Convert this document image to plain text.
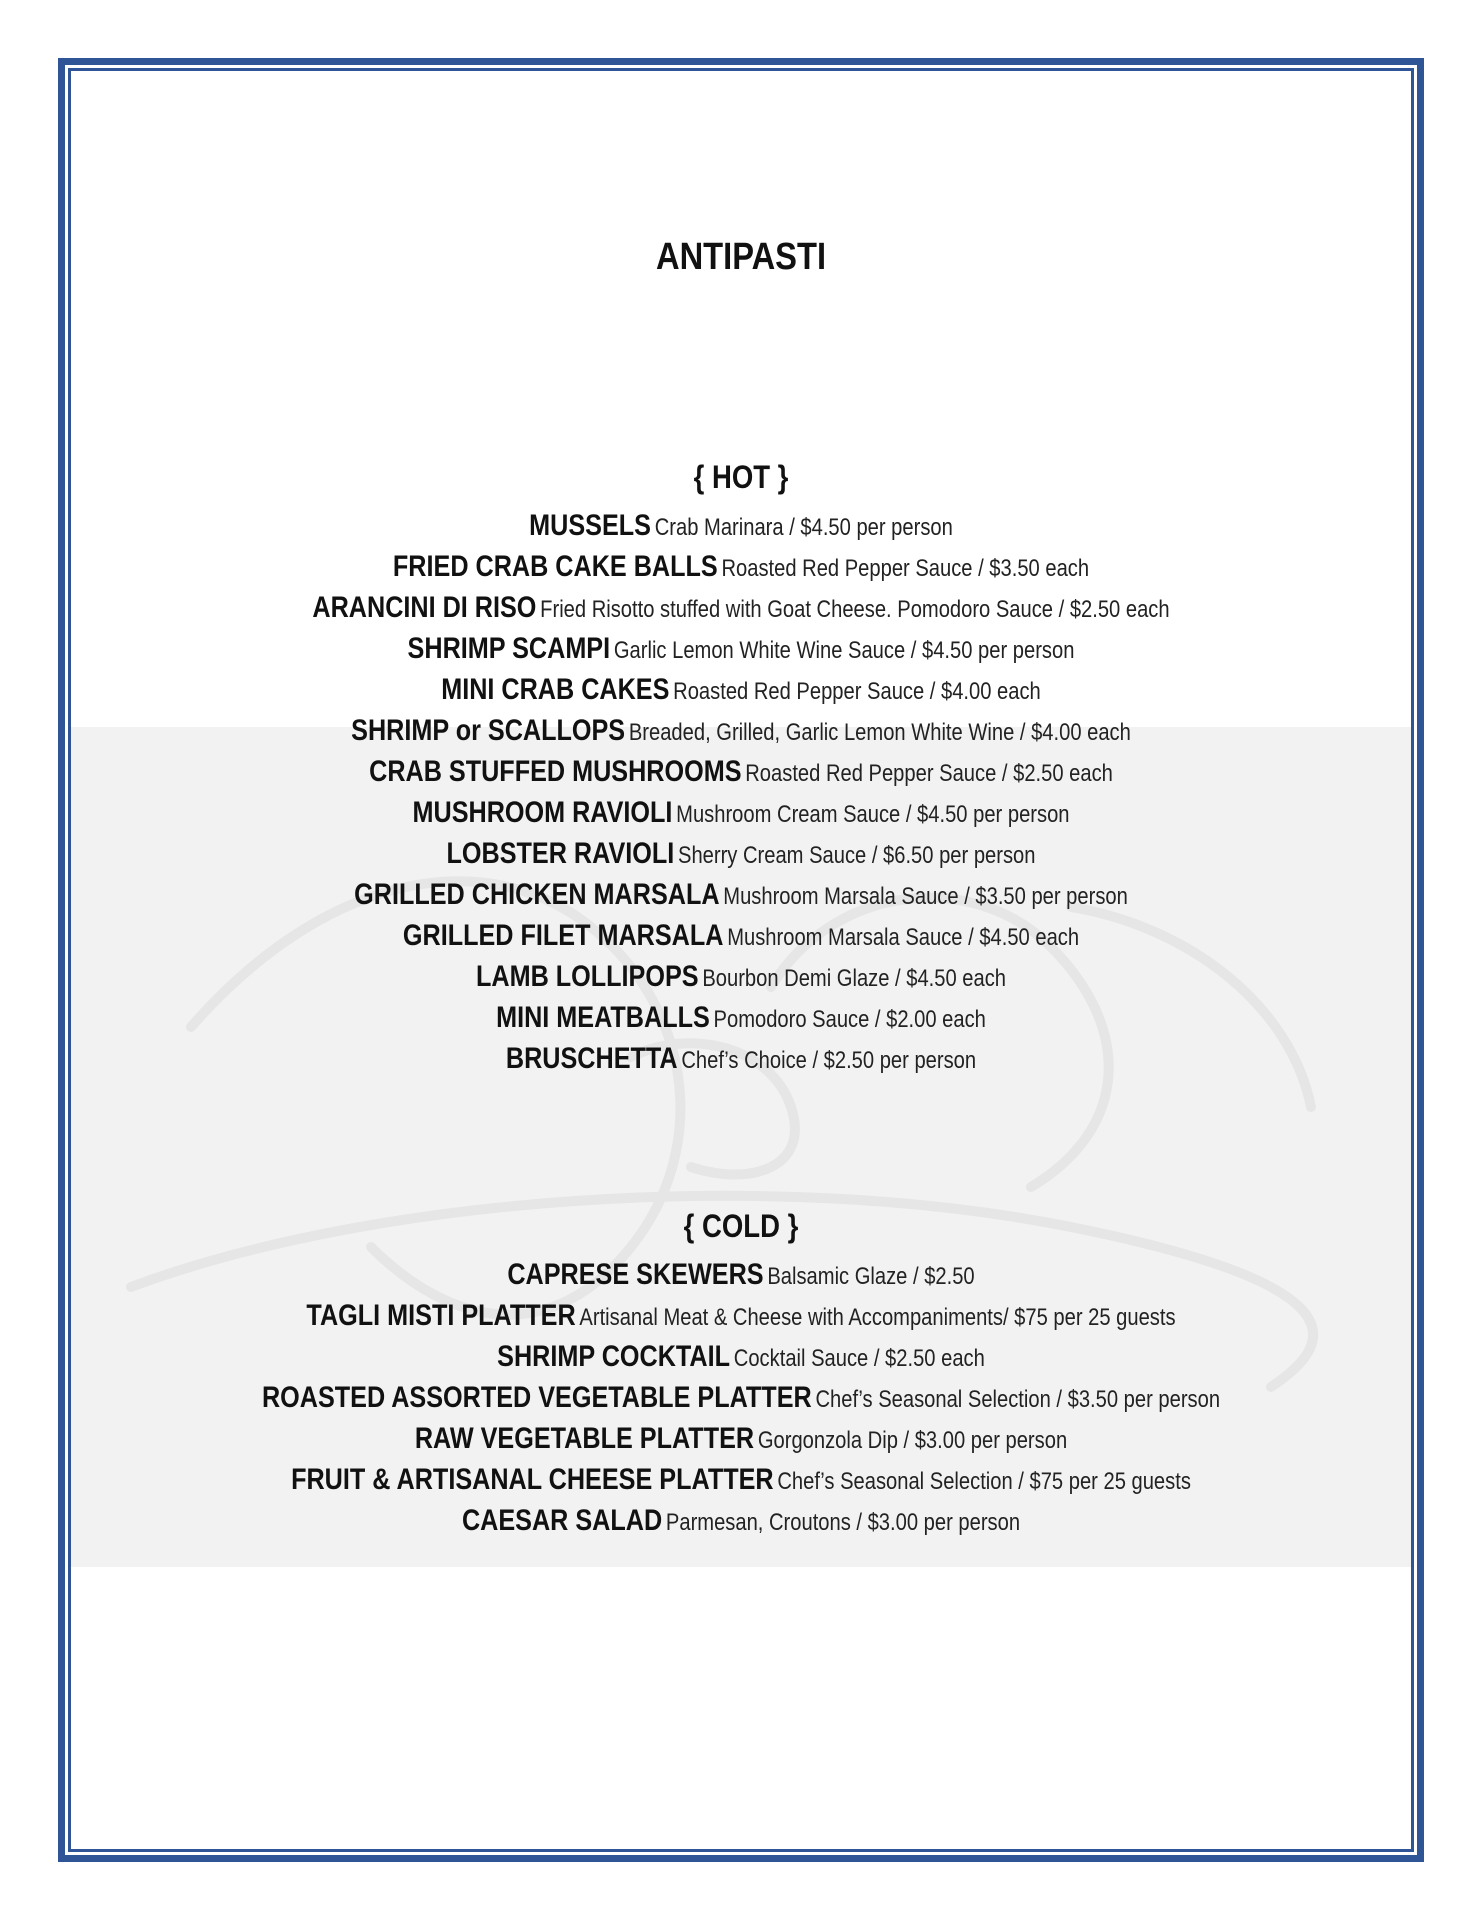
ANTIPASTI
{ HOT }
MUSSELS Crab Marinara / $4.50 per person
FRIED CRAB CAKE BALLS Roasted Red Pepper Sauce / $3.50 each
ARANCINI DI RISO Fried Risotto stuffed with Goat Cheese. Pomodoro Sauce / $2.50 each
SHRIMP SCAMPI Garlic Lemon White Wine Sauce / $4.50 per person
MINI CRAB CAKES Roasted Red Pepper Sauce / $4.00 each
SHRIMP or SCALLOPS Breaded, Grilled, Garlic Lemon White Wine / $4.00 each
CRAB STUFFED MUSHROOMS Roasted Red Pepper Sauce / $2.50 each
MUSHROOM RAVIOLI Mushroom Cream Sauce / $4.50 per person
LOBSTER RAVIOLI Sherry Cream Sauce / $6.50 per person
GRILLED CHICKEN MARSALA Mushroom Marsala Sauce / $3.50 per person
GRILLED FILET MARSALA Mushroom Marsala Sauce / $4.50 each
LAMB LOLLIPOPS Bourbon Demi Glaze / $4.50 each
MINI MEATBALLS Pomodoro Sauce / $2.00 each
BRUSCHETTA Chef’s Choice / $2.50 per person
{ COLD }
CAPRESE SKEWERS Balsamic Glaze / $2.50
TAGLI MISTI PLATTER Artisanal Meat & Cheese with Accompaniments/ $75 per 25 guests
SHRIMP COCKTAIL Cocktail Sauce / $2.50 each
ROASTED ASSORTED VEGETABLE PLATTER Chef’s Seasonal Selection / $3.50 per person
RAW VEGETABLE PLATTER Gorgonzola Dip / $3.00 per person
FRUIT & ARTISANAL CHEESE PLATTER Chef’s Seasonal Selection / $75 per 25 guests
CAESAR SALAD Parmesan, Croutons / $3.00 per person
